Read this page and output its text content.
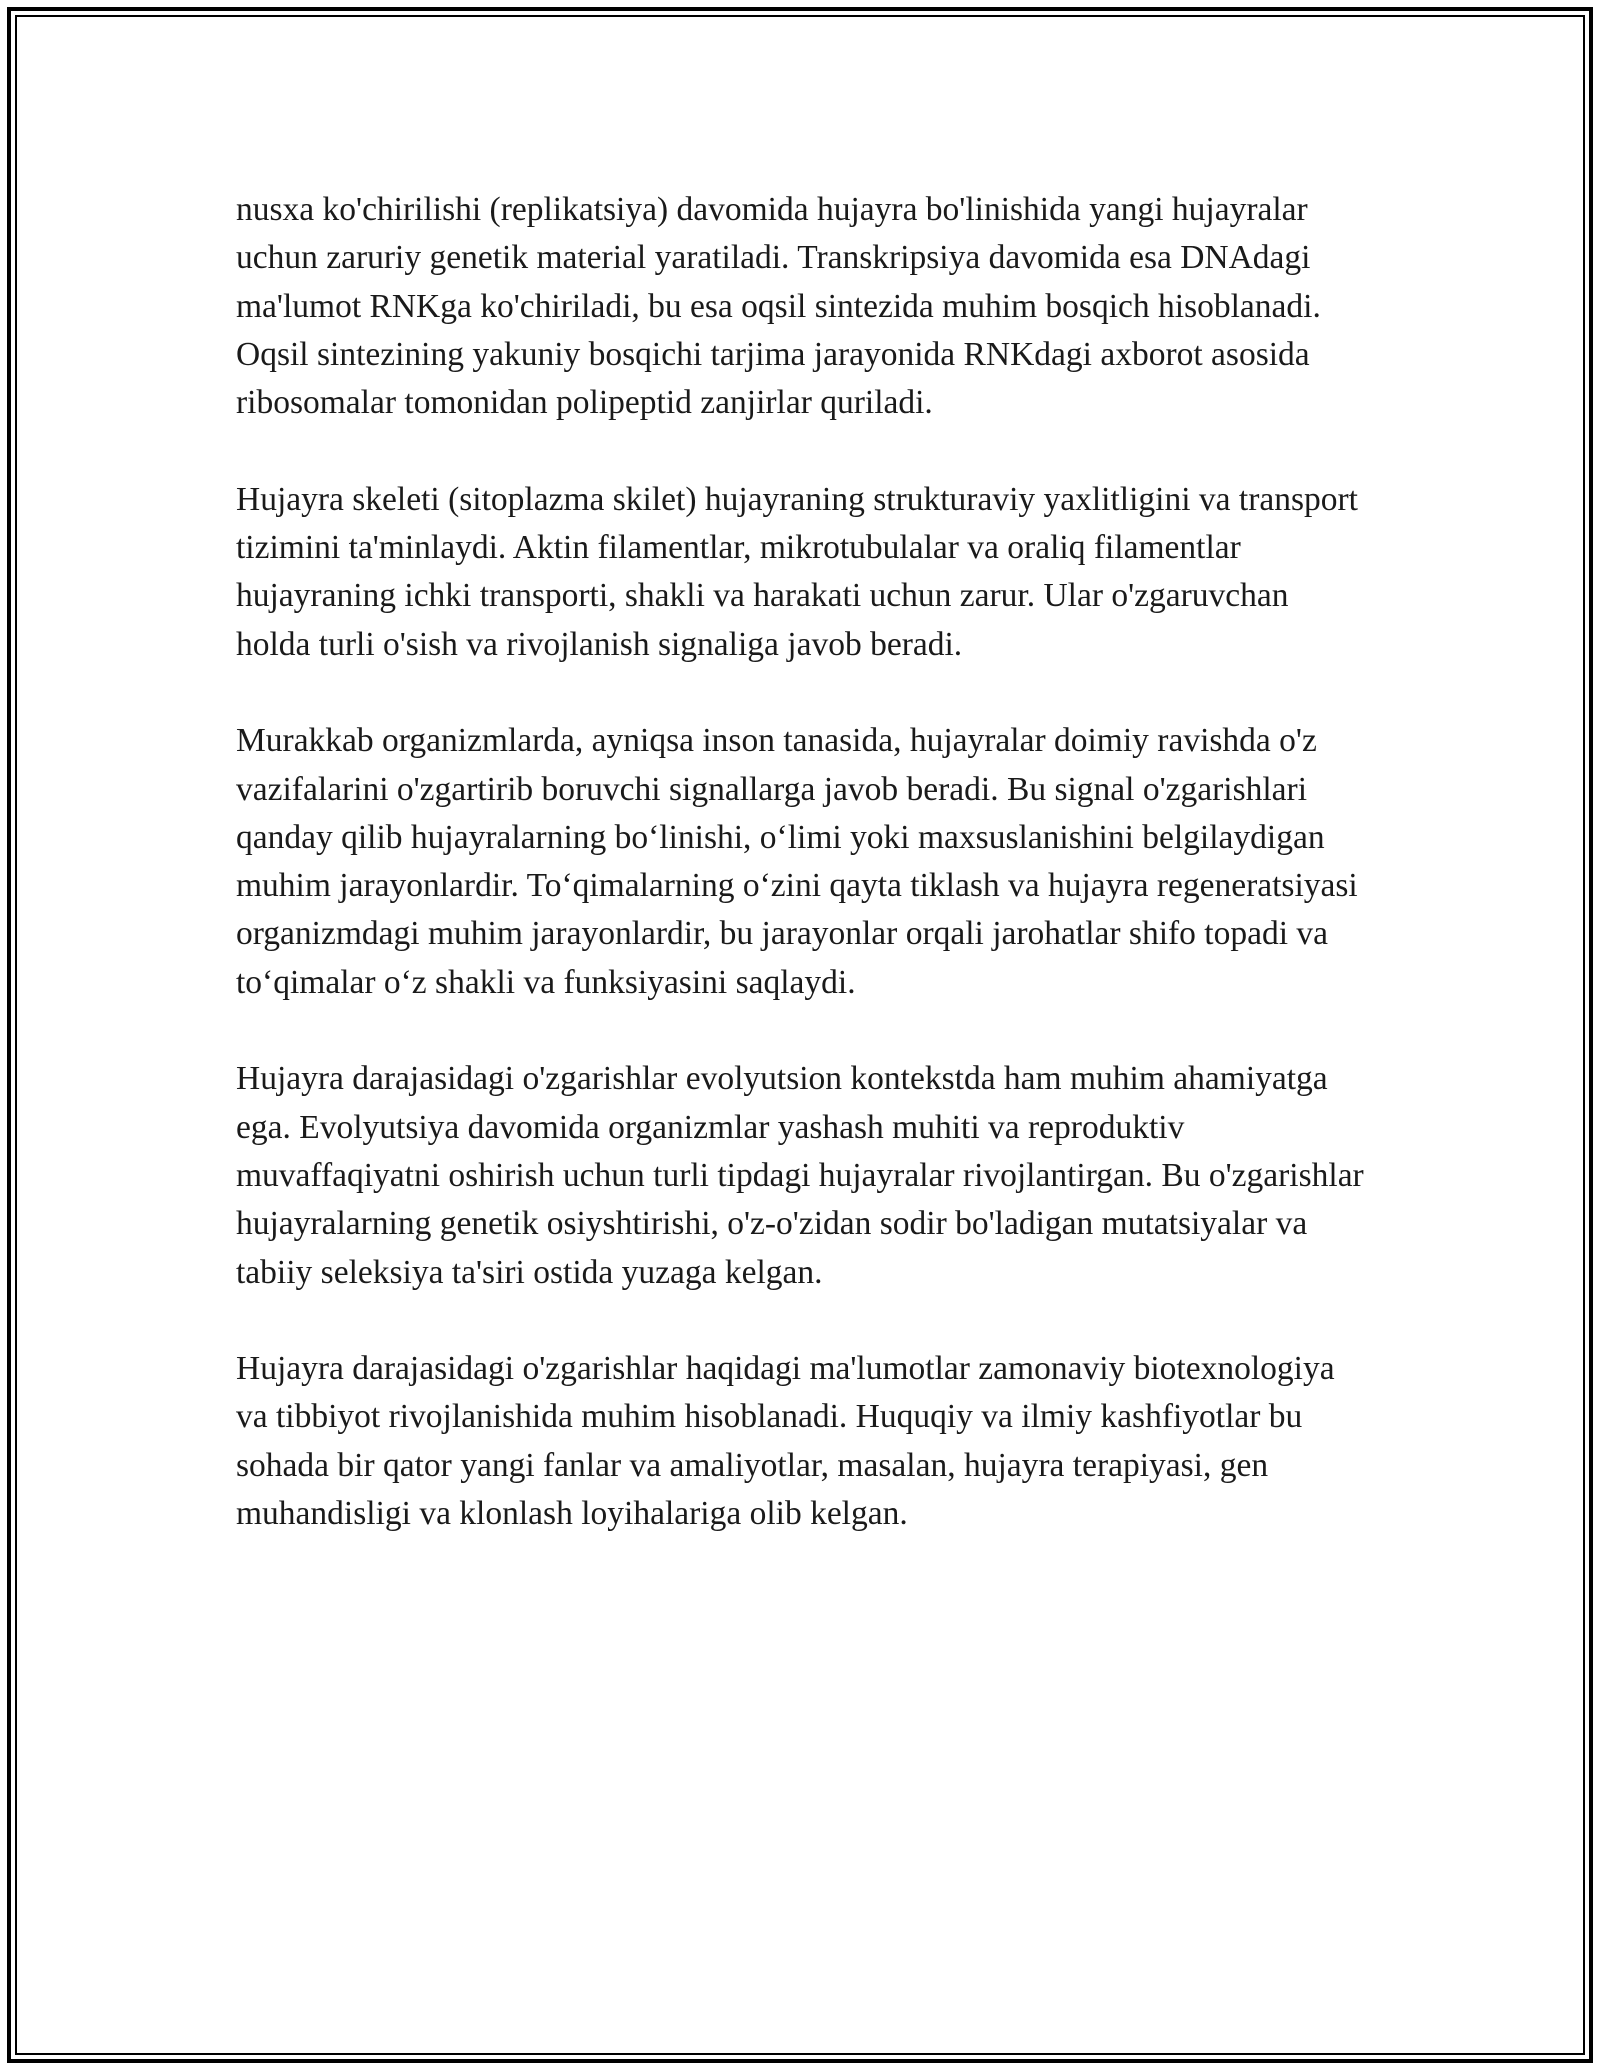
nusxa ko'chirilishi (replikatsiya) davomida hujayra bo'linishida yangi hujayralar uchun zaruriy genetik material yaratiladi. Transkripsiya davomida esa DNAdagi ma'lumot RNKga ko'chiriladi, bu esa oqsil sintezida muhim bosqich hisoblanadi. Oqsil sintezining yakuniy bosqichi tarjima jarayonida RNKdagi axborot asosida ribosomalar tomonidan polipeptid zanjirlar quriladi.

Hujayra skeleti (sitoplazma skilet) hujayraning strukturaviy yaxlitligini va transport tizimini ta'minlaydi. Aktin filamentlar, mikrotubulalar va oraliq filamentlar hujayraning ichki transporti, shakli va harakati uchun zarur. Ular o'zgaruvchan holda turli o'sish va rivojlanish signaliga javob beradi.

Murakkab organizmlarda, ayniqsa inson tanasida, hujayralar doimiy ravishda o'z vazifalarini o'zgartirib boruvchi signallarga javob beradi. Bu signal o'zgarishlari qanday qilib hujayralarning boʻlinishi, oʻlimi yoki maxsuslanishini belgilaydigan muhim jarayonlardir. Toʻqimalarning oʻzini qayta tiklash va hujayra regeneratsiyasi organizmdagi muhim jarayonlardir, bu jarayonlar orqali jarohatlar shifo topadi va toʻqimalar oʻz shakli va funksiyasini saqlaydi.

Hujayra darajasidagi o'zgarishlar evolyutsion kontekstda ham muhim ahamiyatga ega. Evolyutsiya davomida organizmlar yashash muhiti va reproduktiv muvaffaqiyatni oshirish uchun turli tipdagi hujayralar rivojlantirgan. Bu o'zgarishlar hujayralarning genetik osiyshtirishi, o'z-o'zidan sodir bo'ladigan mutatsiyalar va tabiiy seleksiya ta'siri ostida yuzaga kelgan.

Hujayra darajasidagi o'zgarishlar haqidagi ma'lumotlar zamonaviy biotexnologiya va tibbiyot rivojlanishida muhim hisoblanadi. Huquqiy va ilmiy kashfiyotlar bu sohada bir qator yangi fanlar va amaliyotlar, masalan, hujayra terapiyasi, gen muhandisligi va klonlash loyihalariga olib kelgan.
